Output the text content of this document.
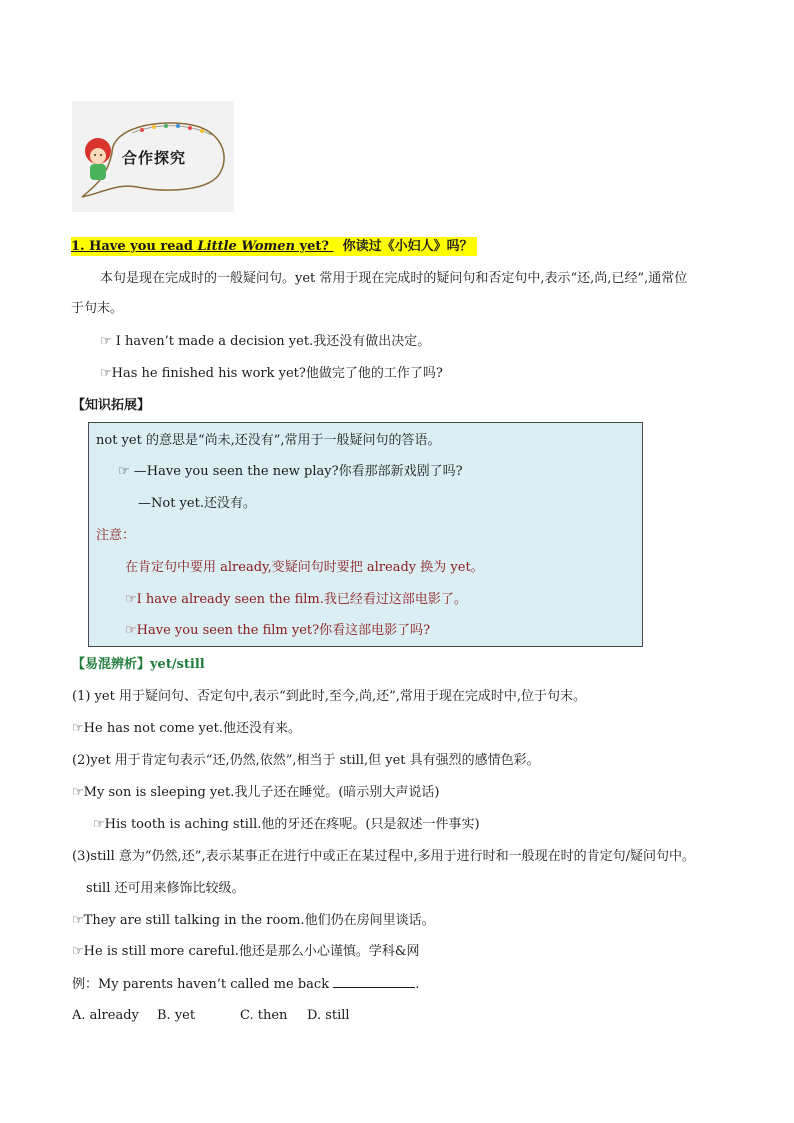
合作探究
1. Have you read Little Women yet?   你读过《小妇人》吗？
本句是现在完成时的一般疑问句。yet 常用于现在完成时的疑问句和否定句中,表示“还,尚,已经”,通常位
于句末。
☞ I haven’t made a decision yet.我还没有做出决定。
☞Has he finished his work yet?他做完了他的工作了吗?
【知识拓展】
not yet 的意思是“尚未,还没有”,常用于一般疑问句的答语。
☞ —Have you seen the new play?你看那部新戏剧了吗?
—Not yet.还没有。
注意：
在肯定句中要用 already,变疑问句时要把 already 换为 yet。
☞I have already seen the film.我已经看过这部电影了。
☞Have you seen the film yet?你看这部电影了吗?
【易混辨析】yet/still
(1) yet 用于疑问句、否定句中,表示“到此时,至今,尚,还”,常用于现在完成时中,位于句末。
☞He has not come yet.他还没有来。
(2)yet 用于肯定句表示“还,仍然,依然”,相当于 still,但 yet 具有强烈的感情色彩。
☞My son is sleeping yet.我儿子还在睡觉。(暗示别大声说话)
☞His tooth is aching still.他的牙还在疼呢。(只是叙述一件事实)
(3)still 意为“仍然,还”,表示某事正在进行中或正在某过程中,多用于进行时和一般现在时的肯定句/疑问句中。
still 还可用来修饰比较级。
☞They are still talking in the room.他们仍在房间里谈话。
☞He is still more careful.他还是那么小心谨慎。学科&网
例：My parents haven’t called me back	.
A. already B. yet	C. then D. still
